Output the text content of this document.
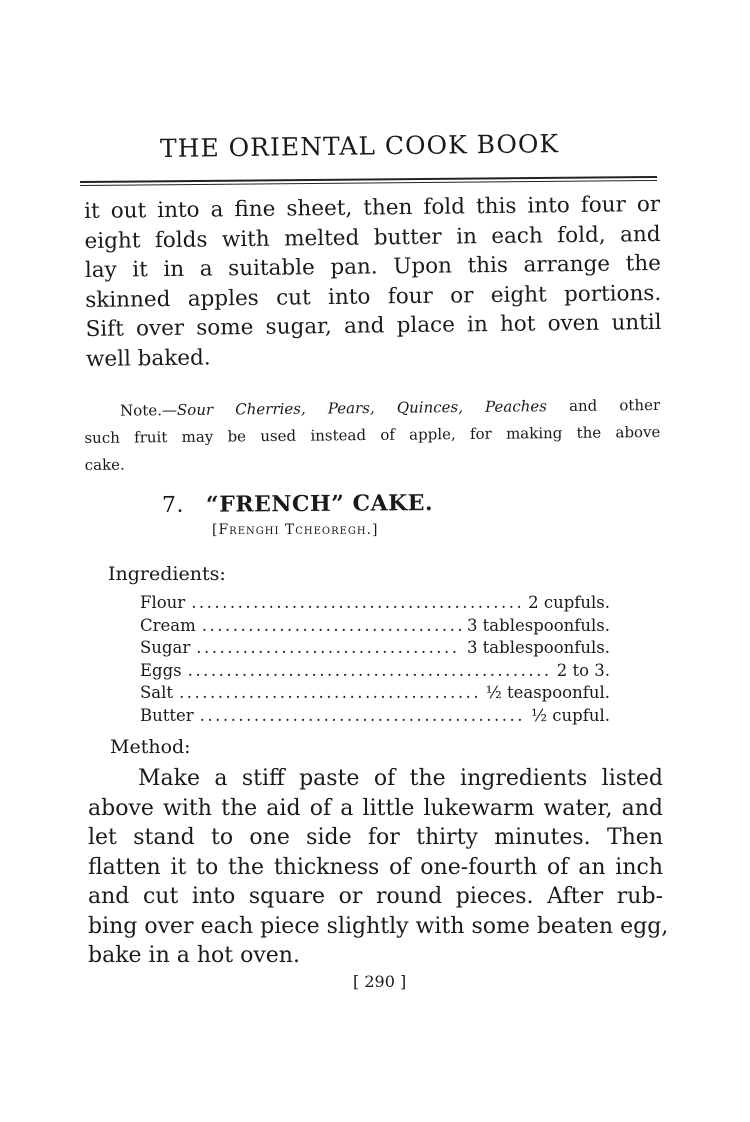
THE ORIENTAL COOK BOOK
it out into a fine sheet, then fold this into four or
eight folds with melted butter in each fold, and
lay it in a suitable pan. Upon this arrange the
skinned apples cut into four or eight portions.
Sift over some sugar, and place in hot oven until
well baked.
Note.—Sour Cherries, Pears, Quinces, Peaches and other
such fruit may be used instead of apple, for making the above
cake.
7. “FRENCH” CAKE.
[Frenghi Tcheoregh.]
Ingredients:
Flour .....	2 cupfuls.
Cream .....	3 tablespoonfuls.
Sugar .....	3 tablespoonfuls.
Eggs .....	2 to 3.
Salt .....	½ teaspoonful.
Butter .....	½ cupful.
Method:
Make a stiff paste of the ingredients listed
above with the aid of a little lukewarm water, and
let stand to one side for thirty minutes. Then
flatten it to the thickness of one-fourth of an inch
and cut into square or round pieces. After rub-
bing over each piece slightly with some beaten egg,
bake in a hot oven.
[ 290 ]
